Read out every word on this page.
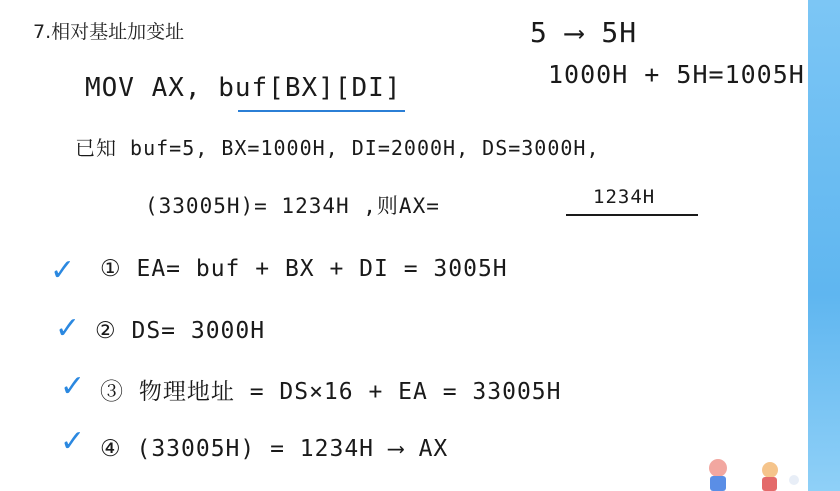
7.相对基址加变址	5 ⟶ 5H
1000H + 5H=1005H
MOV AX, buf[BX][DI]
已知 buf=5, BX=1000H, DI=2000H, DS=3000H,
(33005H)= 1234H ,则AX=	1234H
✓ ① EA= buf + BX + DI = 3005H
✓ ② DS= 3000H
✓ ③ 物理地址 = DS×16 + EA = 33005H
✓ ④ (33005H) = 1234H ⟶ AX
